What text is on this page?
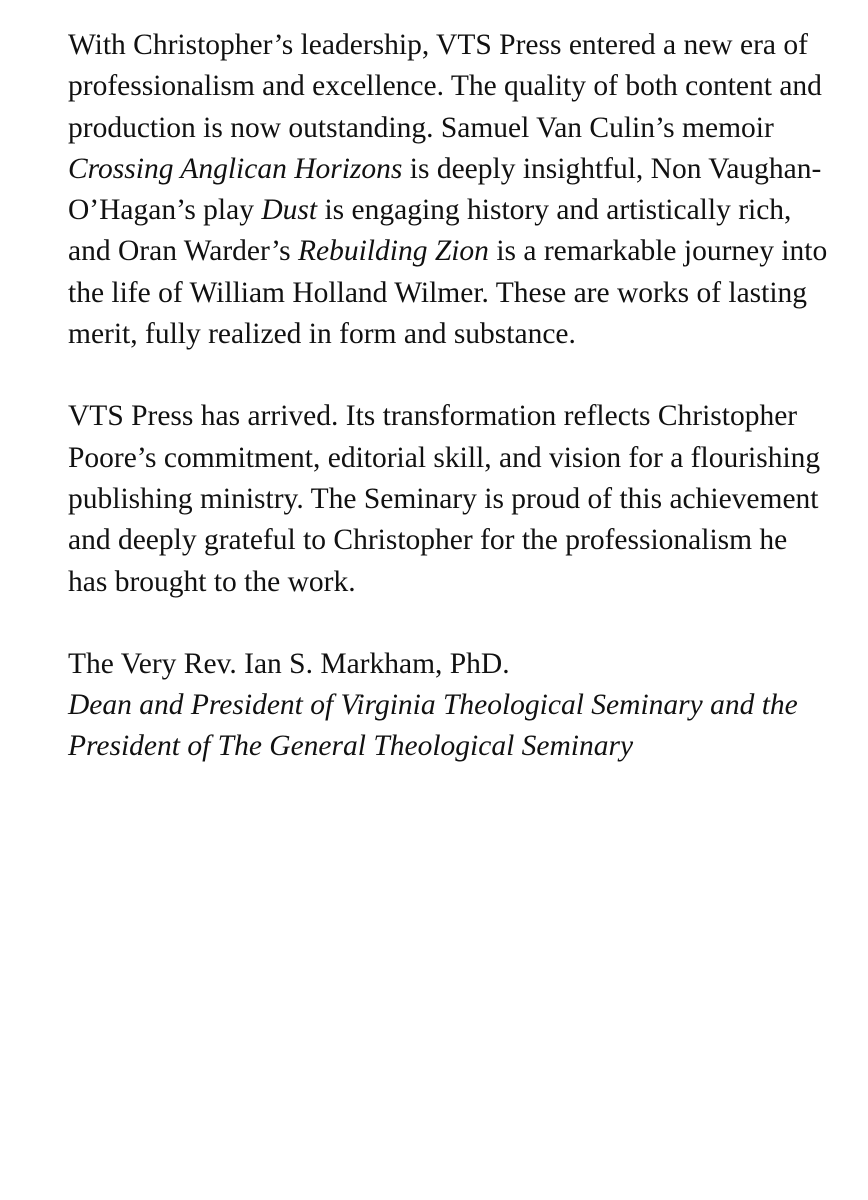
With Christopher’s leadership, VTS Press entered a new era of professionalism and excellence. The quality of both content and production is now outstanding. Samuel Van Culin’s memoir Crossing Anglican Horizons is deeply insightful, Non Vaughan-O’Hagan’s play Dust is engaging history and artistically rich, and Oran Warder’s Rebuilding Zion is a remarkable journey into the life of William Holland Wilmer. These are works of lasting merit, fully realized in form and substance.

VTS Press has arrived. Its transformation reflects Christopher Poore’s commitment, editorial skill, and vision for a flourishing publishing ministry. The Seminary is proud of this achievement and deeply grateful to Christopher for the professionalism he has brought to the work.

The Very Rev. Ian S. Markham, PhD.
Dean and President of Virginia Theological Seminary and the President of The General Theological Seminary
